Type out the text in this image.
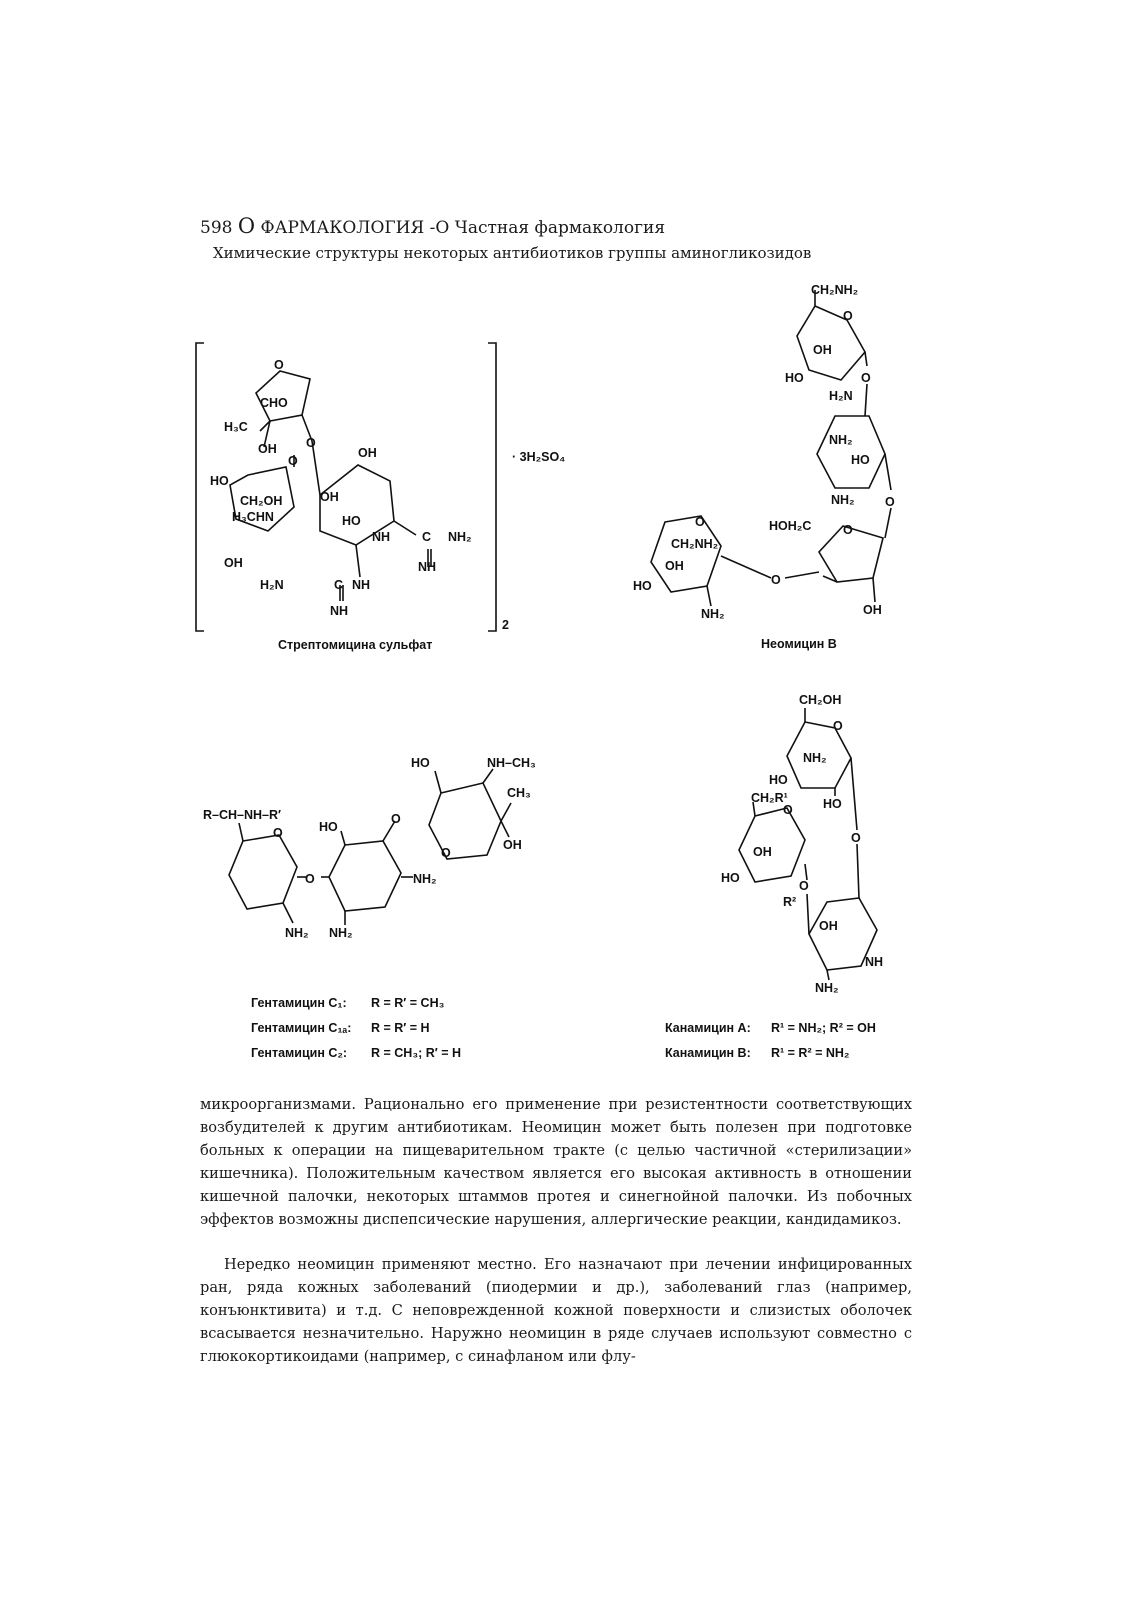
598 О ФАРМАКОЛОГИЯ -О Частная фармакология
Химические структуры некоторых антибиотиков группы аминогликозидов
O
CHO
H₃C
OH O
HO
CH₂OH
H₃CHN
O
OH
OH
OH
HO
NH	C NH₂
NH
H₂N	C NH
NH
· 3H₂SO₄
2
Стрептомицина сульфат
CH₂NH₂
O
OH
HO
H₂N
O
NH₂
HO
NH₂ O
HOH₂C	O
O
CH₂NH₂
OH
HO
NH₂
O
OH
Неомицин B
HO	NH–CH₃
CH₃
R–CH–NH–R′
HO
O
O
OH
O
O
NH₂
NH₂ NH₂
Гентамицин C₁: R = R′ = CH₃
Гентамицин C₁ₐ: R = R′ = H
Гентамицин C₂: R = CH₃; R′ = H
CH₂OH
O
NH₂
HO
HO
CH₂R¹
O
O
OH
HO
O
R²
OH
NH
NH₂
Канамицин A: R¹ = NH₂; R² = OH
Канамицин B: R¹ = R² = NH₂

микроорганизмами. Рационально его применение при резистентности соответствующих возбудителей к другим антибиотикам. Неомицин может быть полезен при подготовке больных к операции на пищеварительном тракте (с целью частичной «стерилизации» кишечника). Положительным качеством является его высокая активность в отношении кишечной палочки, некоторых штаммов протея и синегнойной палочки. Из побочных эффектов возможны диспепсические нарушения, аллергические реакции, кандидамикоз.

Нередко неомицин применяют местно. Его назначают при лечении инфицированных ран, ряда кожных заболеваний (пиодермии и др.), заболеваний глаз (например, конъюнктивита) и т.д. С неповрежденной кожной поверхности и слизистых оболочек всасывается незначительно. Наружно неомицин в ряде случаев используют совместно с глюкокортикоидами (например, с синафланом или флу-
